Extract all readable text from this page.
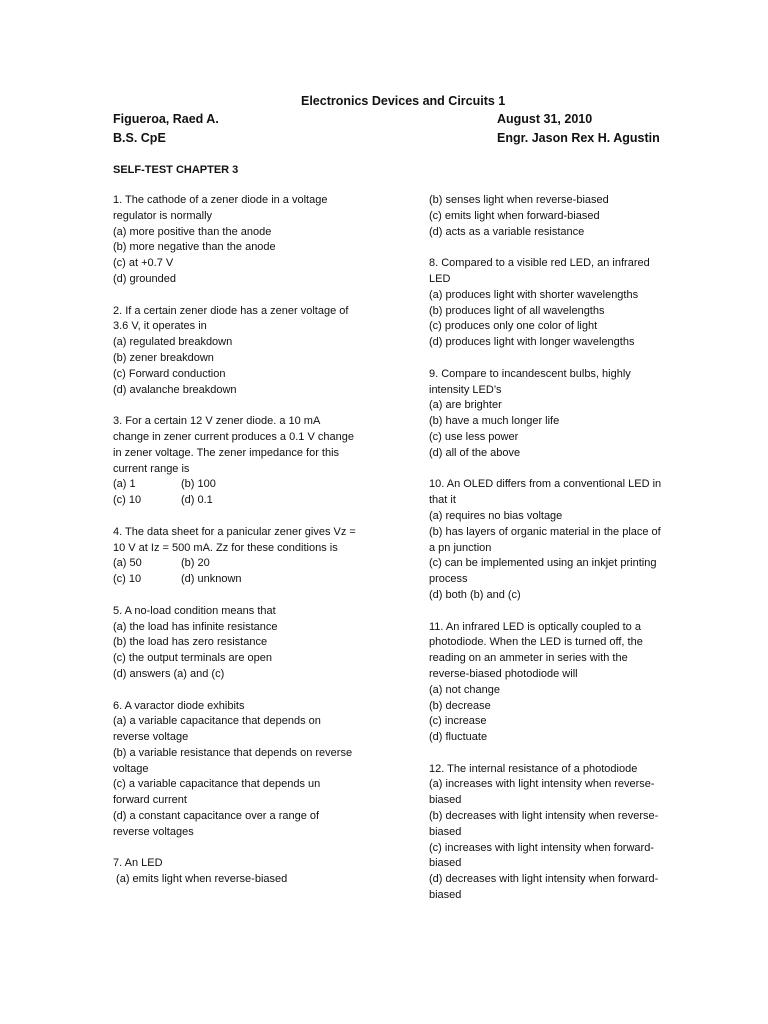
Electronics Devices and Circuits 1
Figueroa, Raed A.
B.S. CpE
August 31, 2010
Engr. Jason Rex H. Agustin
SELF-TEST CHAPTER 3
1. The cathode of a zener diode in a voltage
regulator is normally
(a) more positive than the anode
(b) more negative than the anode
(c) at +0.7 V
(d) grounded
2. If a certain zener diode has a zener voltage of
3.6 V, it operates in
(a) regulated breakdown
(b) zener breakdown
(c) Forward conduction
(d) avalanche breakdown
3. For a certain 12 V zener diode. a 10 mA
change in zener current produces a 0.1 V change
in zener voltage. The zener impedance for this
current range is
(a) 1	(b) 100
(c) 10	(d) 0.1
4. The data sheet for a panicular zener gives Vz =
10 V at Iz = 500 mA. Zz for these conditions is
(a) 50	(b) 20
(c) 10	(d) unknown
5. A no-load condition means that
(a) the load has infinite resistance
(b) the load has zero resistance
(c) the output terminals are open
(d) answers (a) and (c)
6. A varactor diode exhibits
(a) a variable capacitance that depends on
reverse voltage
(b) a variable resistance that depends on reverse
voltage
(c) a variable capacitance that depends un
forward current
(d) a constant capacitance over a range of
reverse voltages
7. An LED
(a) emits light when reverse-biased
(b) senses light when reverse-biased
(c) emits light when forward-biased
(d) acts as a variable resistance
8. Compared to a visible red LED, an infrared
LED
(a) produces light with shorter wavelengths
(b) produces light of all wavelengths
(c) produces only one color of light
(d) produces light with longer wavelengths
9. Compare to incandescent bulbs, highly
intensity LED’s
(a) are brighter
(b) have a much longer life
(c) use less power
(d) all of the above
10. An OLED differs from a conventional LED in
that it
(a) requires no bias voltage
(b) has layers of organic material in the place of
a pn junction
(c) can be implemented using an inkjet printing
process
(d) both (b) and (c)
11. An infrared LED is optically coupled to a
photodiode. When the LED is turned off, the
reading on an ammeter in series with the
reverse-biased photodiode will
(a) not change
(b) decrease
(c) increase
(d) fluctuate
12. The internal resistance of a photodiode
(a) increases with light intensity when reverse-
biased
(b) decreases with light intensity when reverse-
biased
(c) increases with light intensity when forward-
biased
(d) decreases with light intensity when forward-
biased
